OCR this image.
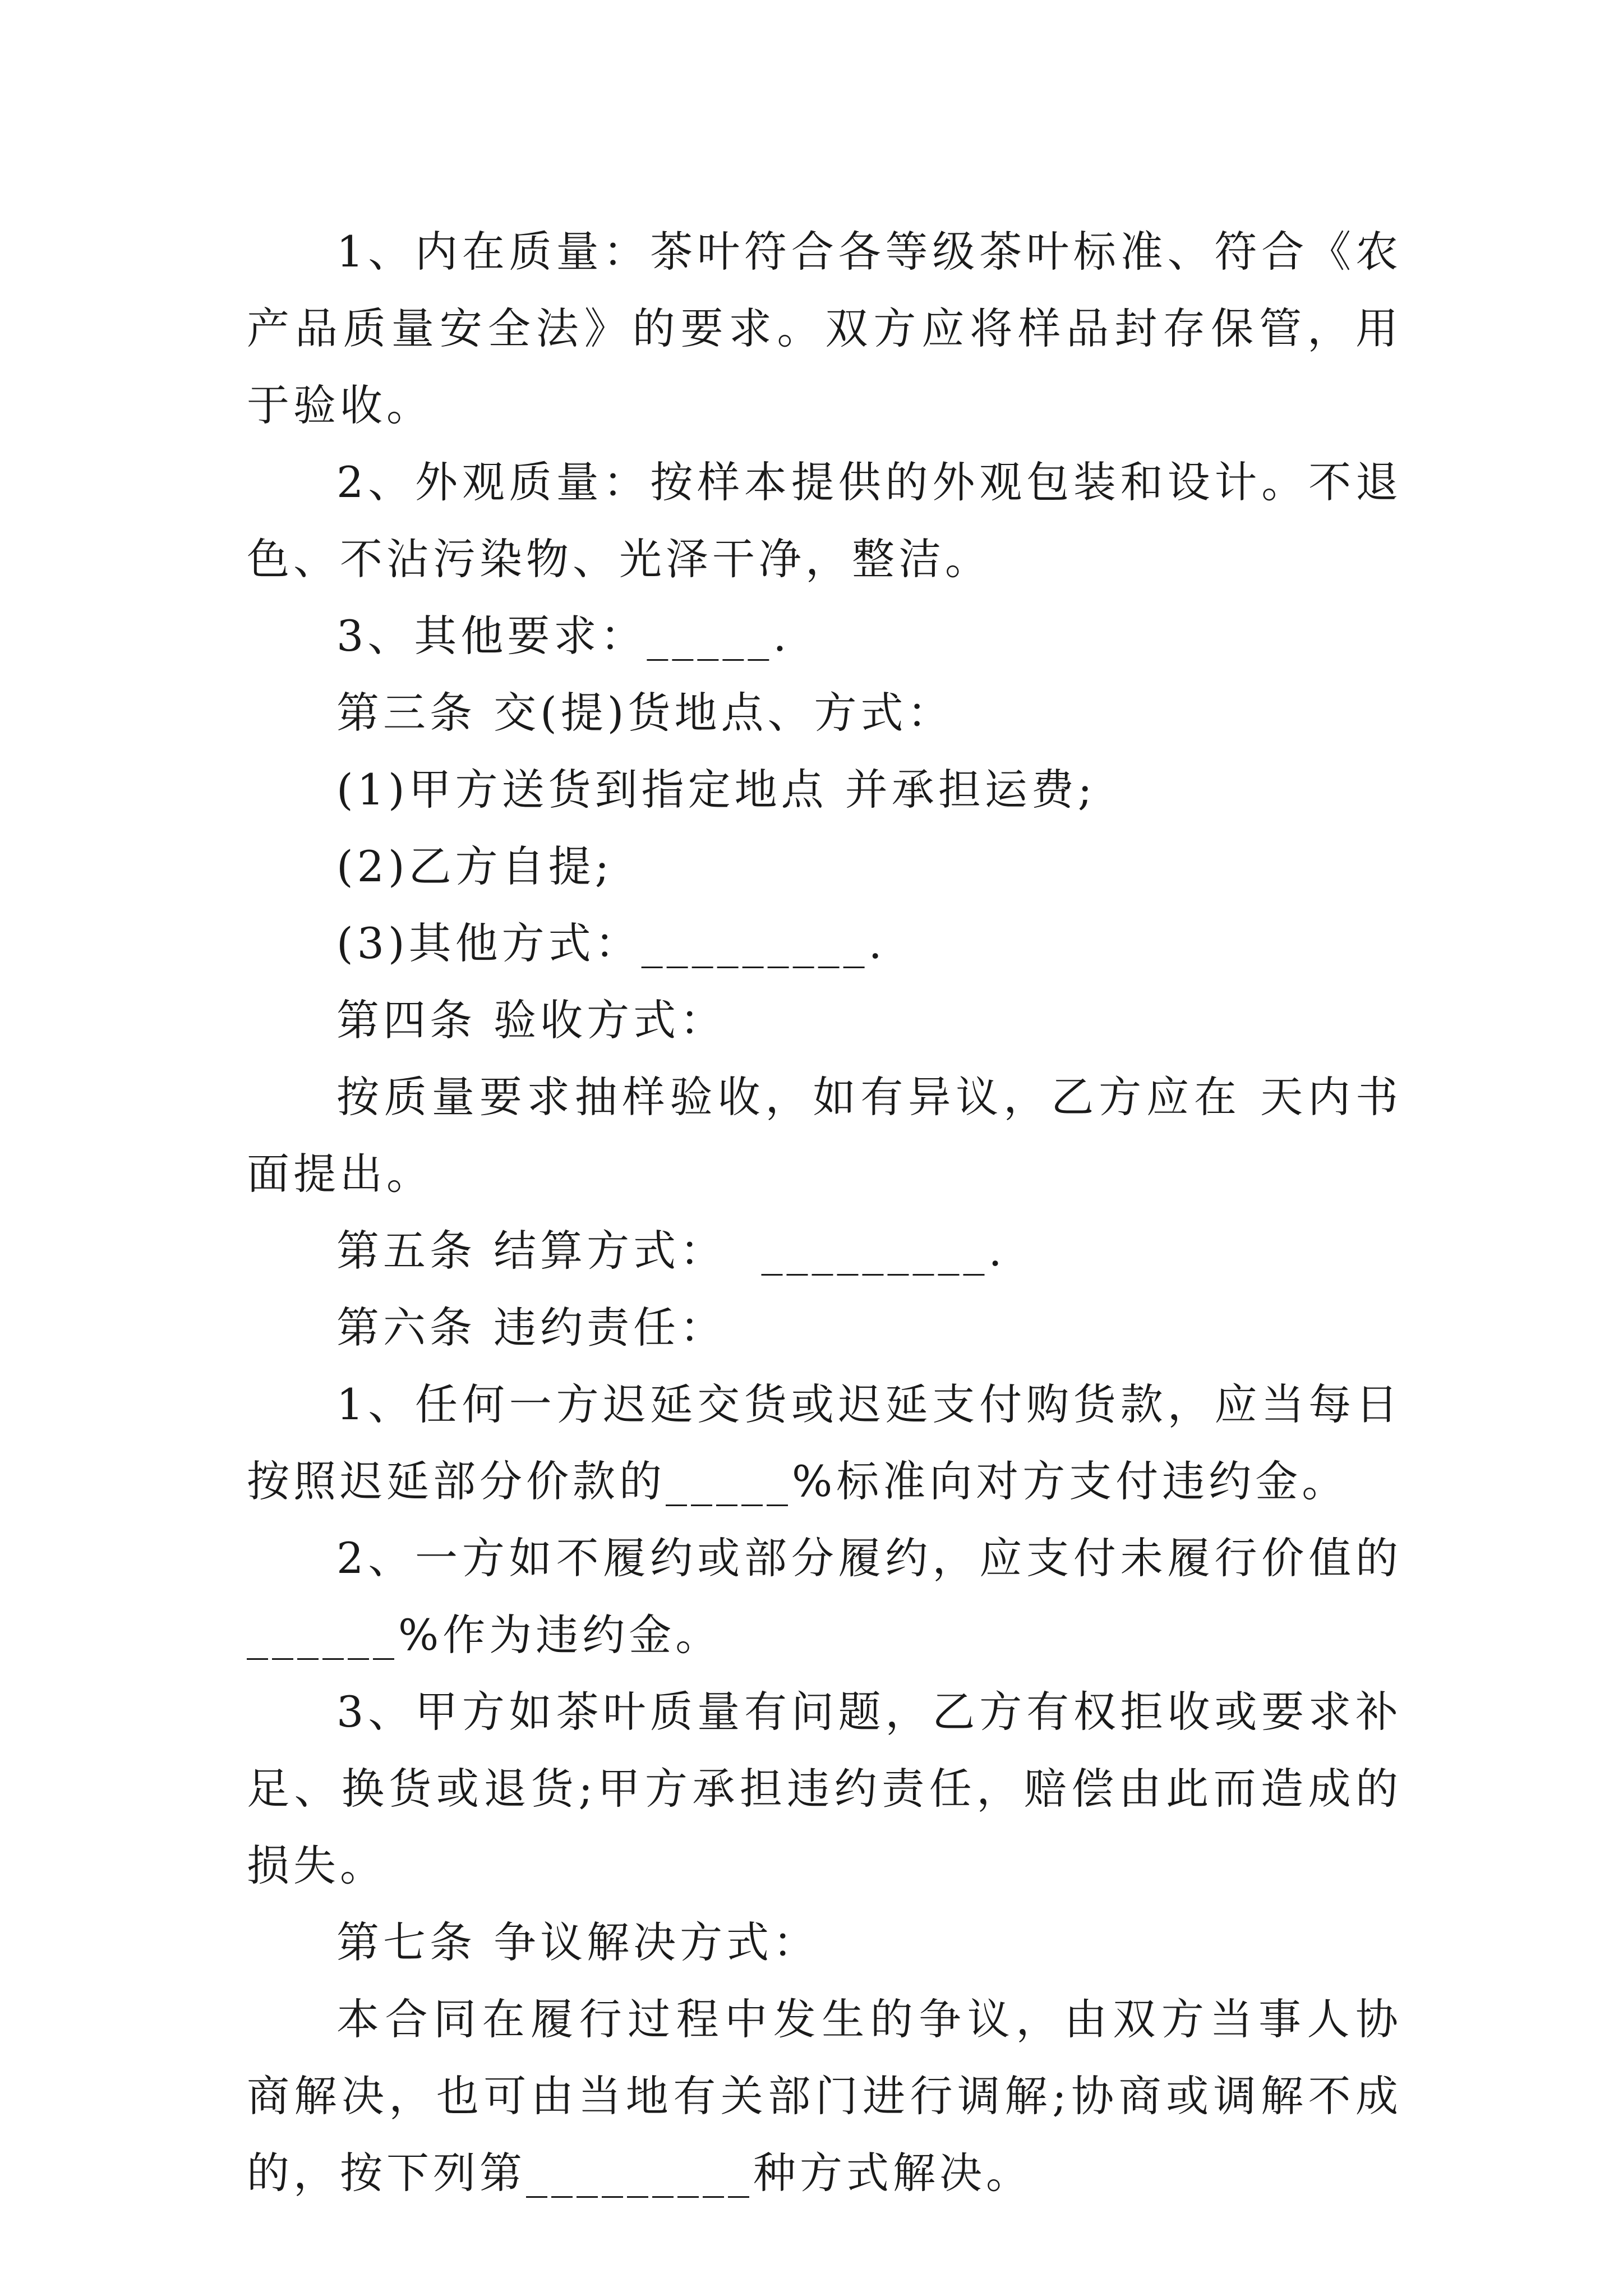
1、内在质量：茶叶符合各等级茶叶标准、符合《农产品质量安全法》的要求。双方应将样品封存保管，用于验收。

2、外观质量：按样本提供的外观包装和设计。不退色、不沾污染物、光泽干净，整洁。

3、其他要求：_____.

第三条 交(提)货地点、方式：

(1)甲方送货到指定地点 并承担运费;

(2)乙方自提;

(3)其他方式：_________.

第四条 验收方式：

按质量要求抽样验收，如有异议，乙方应在 天内书面提出。

第五条 结算方式：  _________.

第六条 违约责任：

1、任何一方迟延交货或迟延支付购货款，应当每日按照迟延部分价款的_____%标准向对方支付违约金。

2、一方如不履约或部分履约，应支付未履行价值的______%作为违约金。

3、甲方如茶叶质量有问题，乙方有权拒收或要求补足、换货或退货;甲方承担违约责任，赔偿由此而造成的损失。

第七条 争议解决方式：

本合同在履行过程中发生的争议，由双方当事人协商解决，也可由当地有关部门进行调解;协商或调解不成的，按下列第_________种方式解决。
